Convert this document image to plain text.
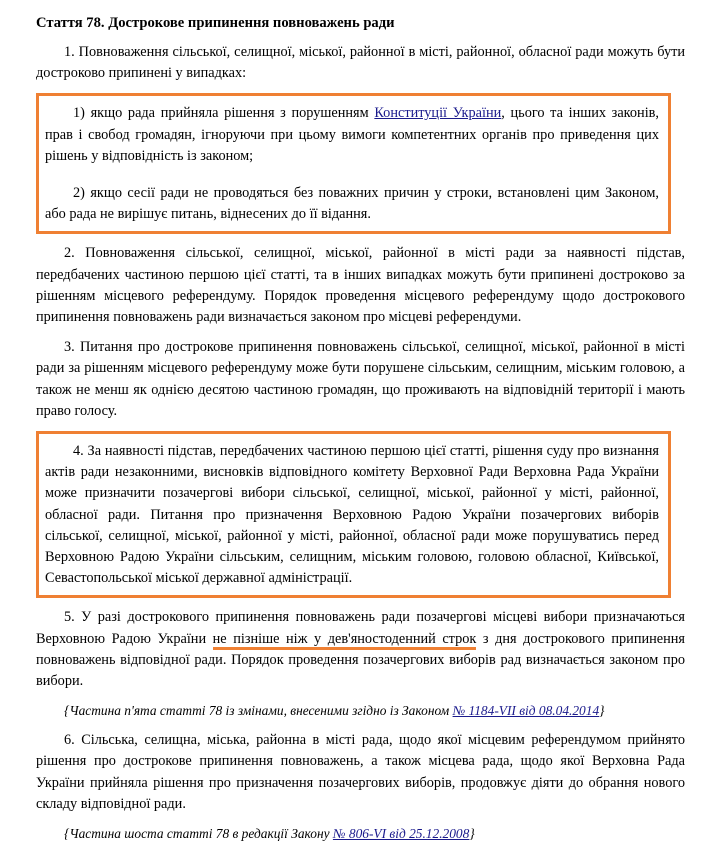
Стаття 78. Дострокове припинення повноважень ради

1. Повноваження сільської, селищної, міської, районної в місті, районної, обласної ради можуть бути достроково припинені у випадках:

1) якщо рада прийняла рішення з порушенням Конституції України, цього та інших законів, прав і свобод громадян, ігноруючи при цьому вимоги компетентних органів про приведення цих рішень у відповідність із законом;

2) якщо сесії ради не проводяться без поважних причин у строки, встановлені цим Законом, або рада не вирішує питань, віднесених до її відання.

2. Повноваження сільської, селищної, міської, районної в місті ради за наявності підстав, передбачених частиною першою цієї статті, та в інших випадках можуть бути припинені достроково за рішенням місцевого референдуму. Порядок проведення місцевого референдуму щодо дострокового припинення повноважень ради визначається законом про місцеві референдуми.

3. Питання про дострокове припинення повноважень сільської, селищної, міської, районної в місті ради за рішенням місцевого референдуму може бути порушене сільським, селищним, міським головою, а також не менш як однією десятою частиною громадян, що проживають на відповідній території і мають право голосу.

4. За наявності підстав, передбачених частиною першою цієї статті, рішення суду про визнання актів ради незаконними, висновків відповідного комітету Верховної Ради Верховна Рада України може призначити позачергові вибори сільської, селищної, міської, районної у місті, районної, обласної ради. Питання про призначення Верховною Радою України позачергових виборів сільської, селищної, міської, районної у місті, районної, обласної ради може порушуватись перед Верховною Радою України сільським, селищним, міським головою, головою обласної, Київської, Севастопольської міської державної адміністрації.

5. У разі дострокового припинення повноважень ради позачергові місцеві вибори призначаються Верховною Радою України не пізніше ніж у дев'яностоденний строк з дня дострокового припинення повноважень відповідної ради. Порядок проведення позачергових виборів рад визначається законом про вибори.

{Частина п'ята статті 78 із змінами, внесеними згідно із Законом № 1184-VII від 08.04.2014}

6. Сільська, селищна, міська, районна в місті рада, щодо якої місцевим референдумом прийнято рішення про дострокове припинення повноважень, а також місцева рада, щодо якої Верховна Рада України прийняла рішення про призначення позачергових виборів, продовжує діяти до обрання нового складу відповідної ради.

{Частина шоста статті 78 в редакції Закону № 806-VI від 25.12.2008}
